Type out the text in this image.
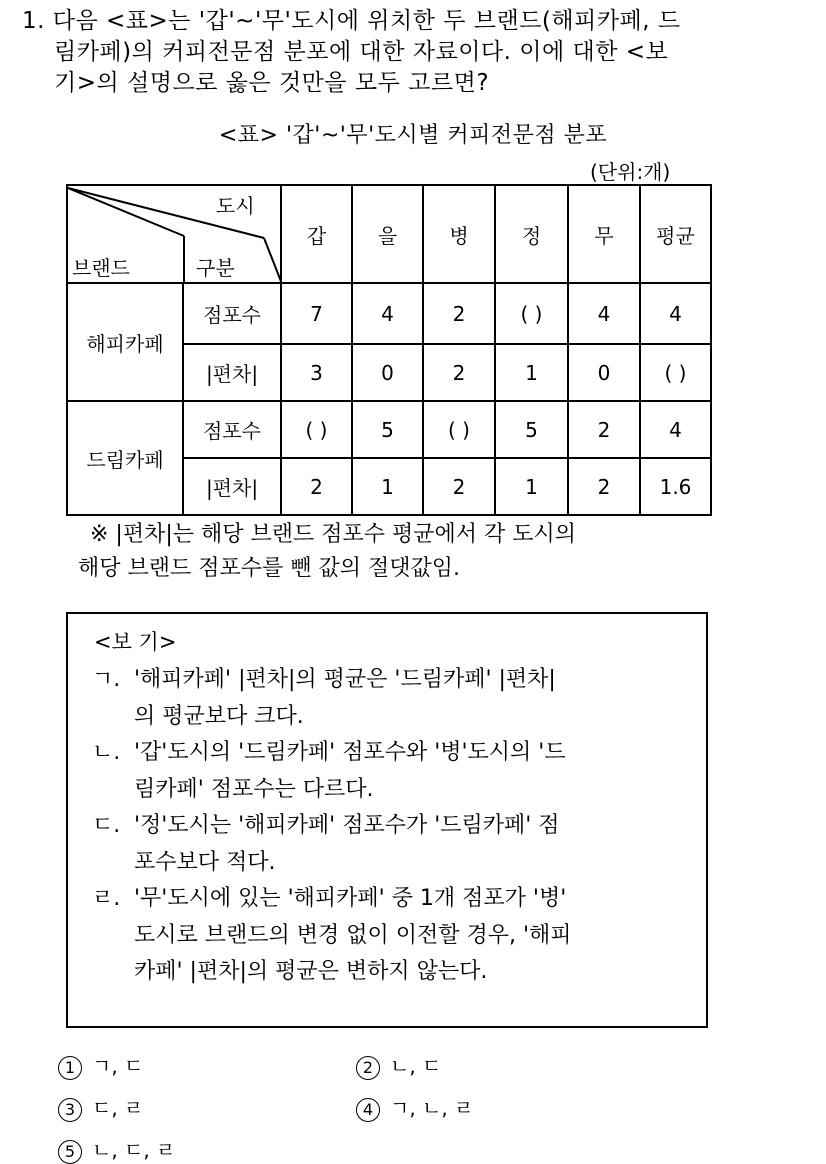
1. 다음 <표>는 '갑'~'무'도시에 위치한 두 브랜드(해피카페, 드
림카페)의 커피전문점 분포에 대한 자료이다. 이에 대한 <보
기>의 설명으로 옳은 것만을 모두 고르면?
<표> '갑'~'무'도시별 커피전문점 분포
(단위:개)
도시
브랜드 구분		갑	을	병	정	무	평균
해피카페	점포수	7	4	2	( )	4	4
	|편차|	3	0	2	1	0	( )
드림카페	점포수	( )	5	( )	5	2	4
	|편차|	2	1	2	1	2	1.6
※ |편차|는 해당 브랜드 점포수 평균에서 각 도시의
해당 브랜드 점포수를 뺀 값의 절댓값임.
<보 기>
ㄱ. '해피카페' |편차|의 평균은 '드림카페' |편차|
의 평균보다 크다.
ㄴ. '갑'도시의 '드림카페' 점포수와 '병'도시의 '드
림카페' 점포수는 다르다.
ㄷ. '정'도시는 '해피카페' 점포수가 '드림카페' 점
포수보다 적다.
ㄹ. '무'도시에 있는 '해피카페' 중 1개 점포가 '병'
도시로 브랜드의 변경 없이 이전할 경우, '해피
카페' |편차|의 평균은 변하지 않는다.
1 ㄱ, ㄷ	2 ㄴ, ㄷ
3 ㄷ, ㄹ	4 ㄱ, ㄴ, ㄹ
5 ㄴ, ㄷ, ㄹ
